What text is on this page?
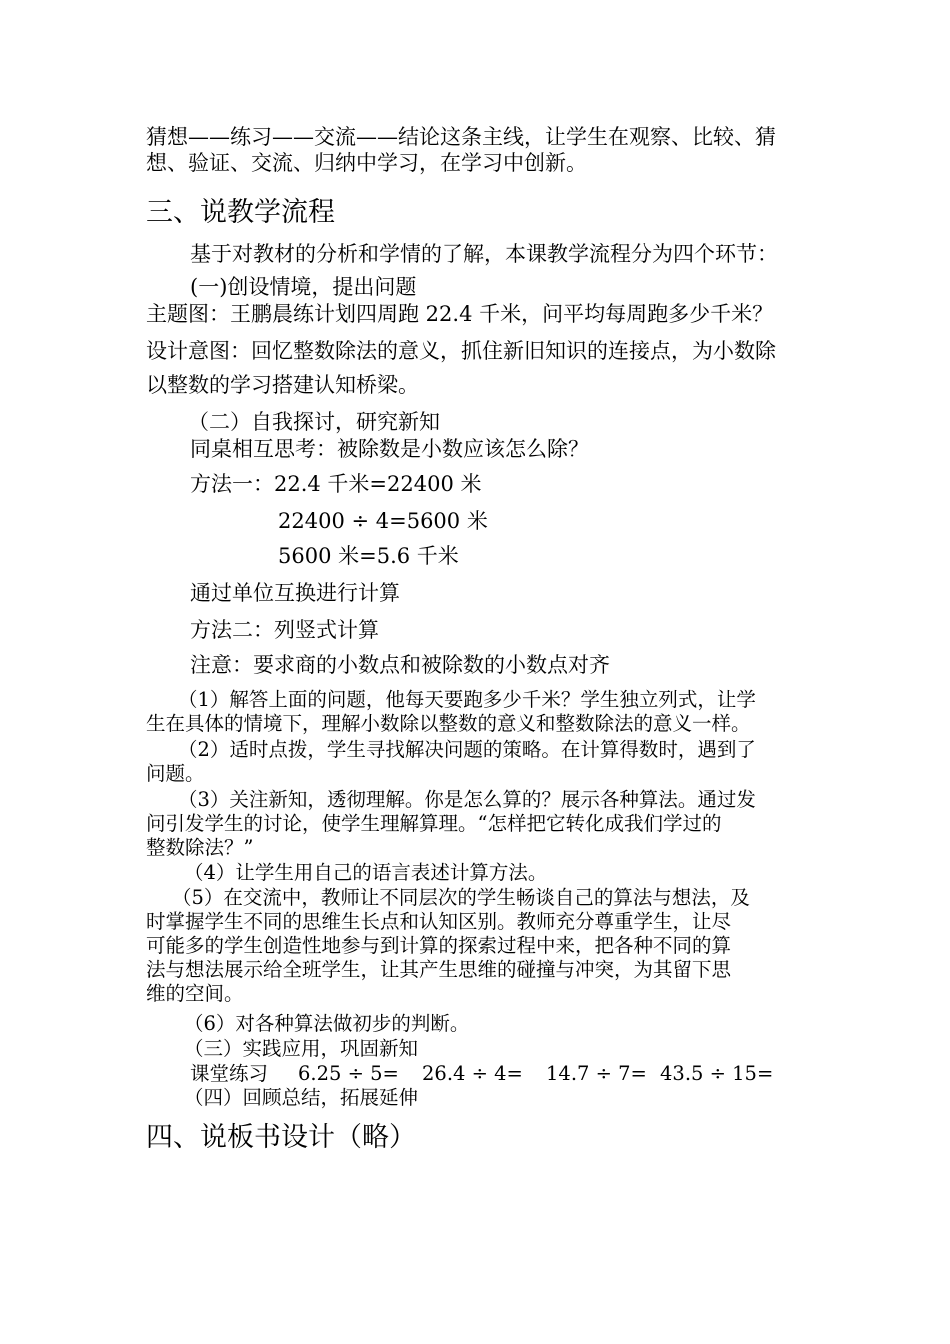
猜想——练习——交流——结论这条主线，让学生在观察、比较、猜
想、验证、交流、归纳中学习，在学习中创新。
三、说教学流程
基于对教材的分析和学情的了解，本课教学流程分为四个环节：
(一)创设情境，提出问题
主题图：王鹏晨练计划四周跑 22.4 千米，问平均每周跑多少千米？
设计意图：回忆整数除法的意义，抓住新旧知识的连接点，为小数除
以整数的学习搭建认知桥梁。
（二）自我探讨，研究新知
同桌相互思考：被除数是小数应该怎么除？
方法一：22.4 千米=22400 米
22400 ÷ 4=5600 米
5600 米=5.6 千米
通过单位互换进行计算
方法二：列竖式计算
注意：要求商的小数点和被除数的小数点对齐
（1）解答上面的问题，他每天要跑多少千米？学生独立列式，让学
生在具体的情境下，理解小数除以整数的意义和整数除法的意义一样。
（2）适时点拨，学生寻找解决问题的策略。在计算得数时，遇到了
问题。
（3）关注新知，透彻理解。你是怎么算的？展示各种算法。通过发
问引发学生的讨论，使学生理解算理。“怎样把它转化成我们学过的
整数除法？”
（4）让学生用自己的语言表述计算方法。
（5）在交流中，教师让不同层次的学生畅谈自己的算法与想法，及
时掌握学生不同的思维生长点和认知区别。教师充分尊重学生，让尽
可能多的学生创造性地参与到计算的探索过程中来，把各种不同的算
法与想法展示给全班学生，让其产生思维的碰撞与冲突，为其留下思
维的空间。
（6）对各种算法做初步的判断。
（三）实践应用，巩固新知
课堂练习 6.25 ÷ 5= 26.4 ÷ 4= 14.7 ÷ 7= 43.5 ÷ 15=
（四）回顾总结，拓展延伸
四、说板书设计（略）
